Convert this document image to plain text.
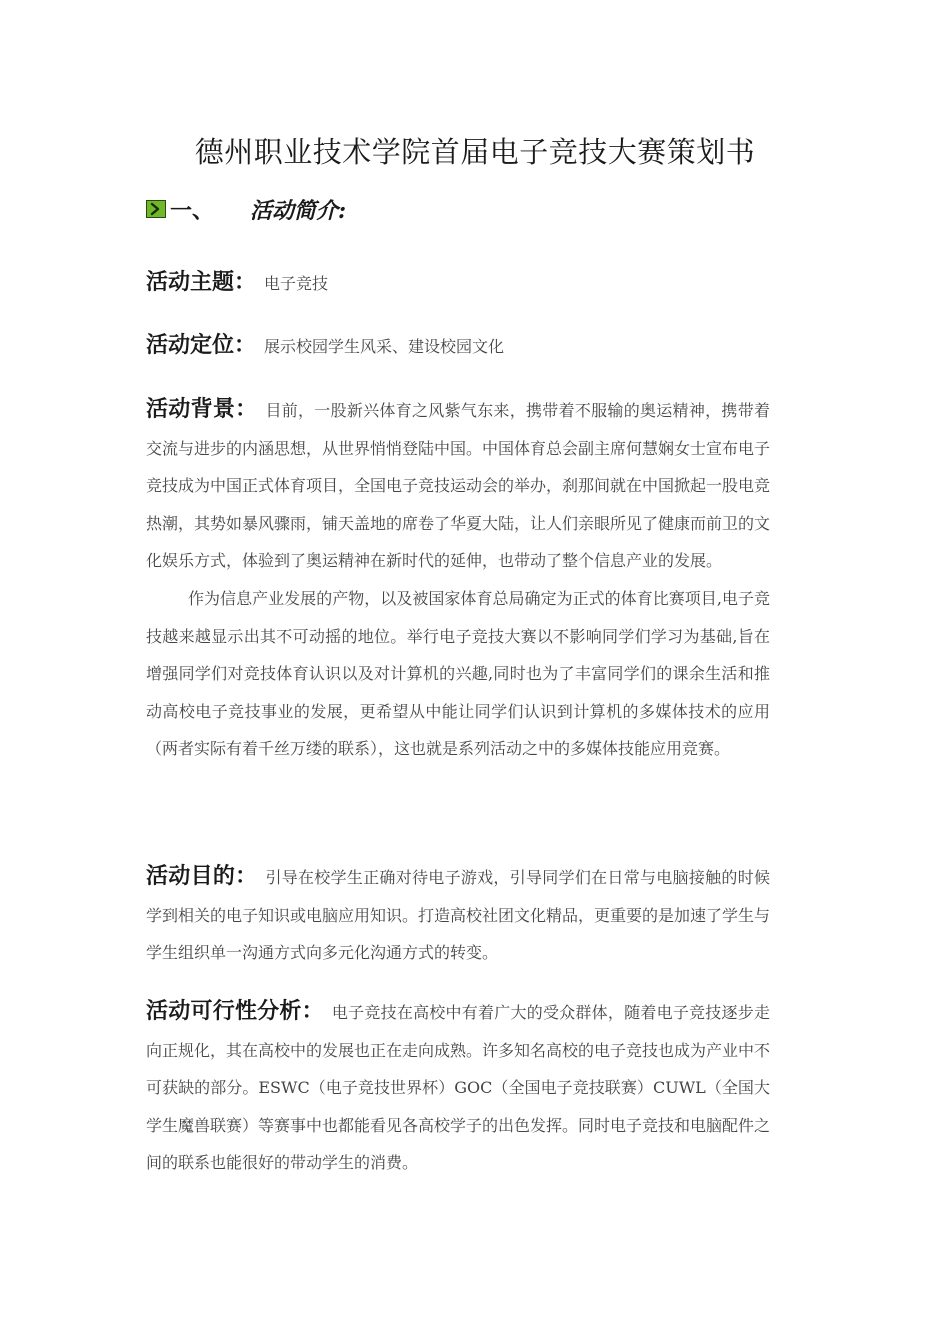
德州职业技术学院首届电子竞技大赛策划书
一、 活动简介:

活动主题： 电子竞技

活动定位： 展示校园学生风采、建设校园文化

活动背景： 目前，一股新兴体育之风紫气东来，携带着不服输的奥运精神，携带着交流与进步的内涵思想，从世界悄悄登陆中国。中国体育总会副主席何慧娴女士宣布电子竞技成为中国正式体育项目，全国电子竞技运动会的举办，刹那间就在中国掀起一股电竞热潮，其势如暴风骤雨，铺天盖地的席卷了华夏大陆，让人们亲眼所见了健康而前卫的文化娱乐方式，体验到了奥运精神在新时代的延伸，也带动了整个信息产业的发展。

作为信息产业发展的产物，以及被国家体育总局确定为正式的体育比赛项目,电子竞技越来越显示出其不可动摇的地位。举行电子竞技大赛以不影响同学们学习为基础,旨在增强同学们对竞技体育认识以及对计算机的兴趣,同时也为了丰富同学们的课余生活和推动高校电子竞技事业的发展，更希望从中能让同学们认识到计算机的多媒体技术的应用（两者实际有着千丝万缕的联系），这也就是系列活动之中的多媒体技能应用竞赛。

活动目的： 引导在校学生正确对待电子游戏，引导同学们在日常与电脑接触的时候学到相关的电子知识或电脑应用知识。打造高校社团文化精品，更重要的是加速了学生与学生组织单一沟通方式向多元化沟通方式的转变。

活动可行性分析： 电子竞技在高校中有着广大的受众群体，随着电子竞技逐步走向正规化，其在高校中的发展也正在走向成熟。许多知名高校的电子竞技也成为产业中不可获缺的部分。ESWC（电子竞技世界杯）GOC（全国电子竞技联赛）CUWL（全国大学生魔兽联赛）等赛事中也都能看见各高校学子的出色发挥。同时电子竞技和电脑配件之间的联系也能很好的带动学生的消费。
